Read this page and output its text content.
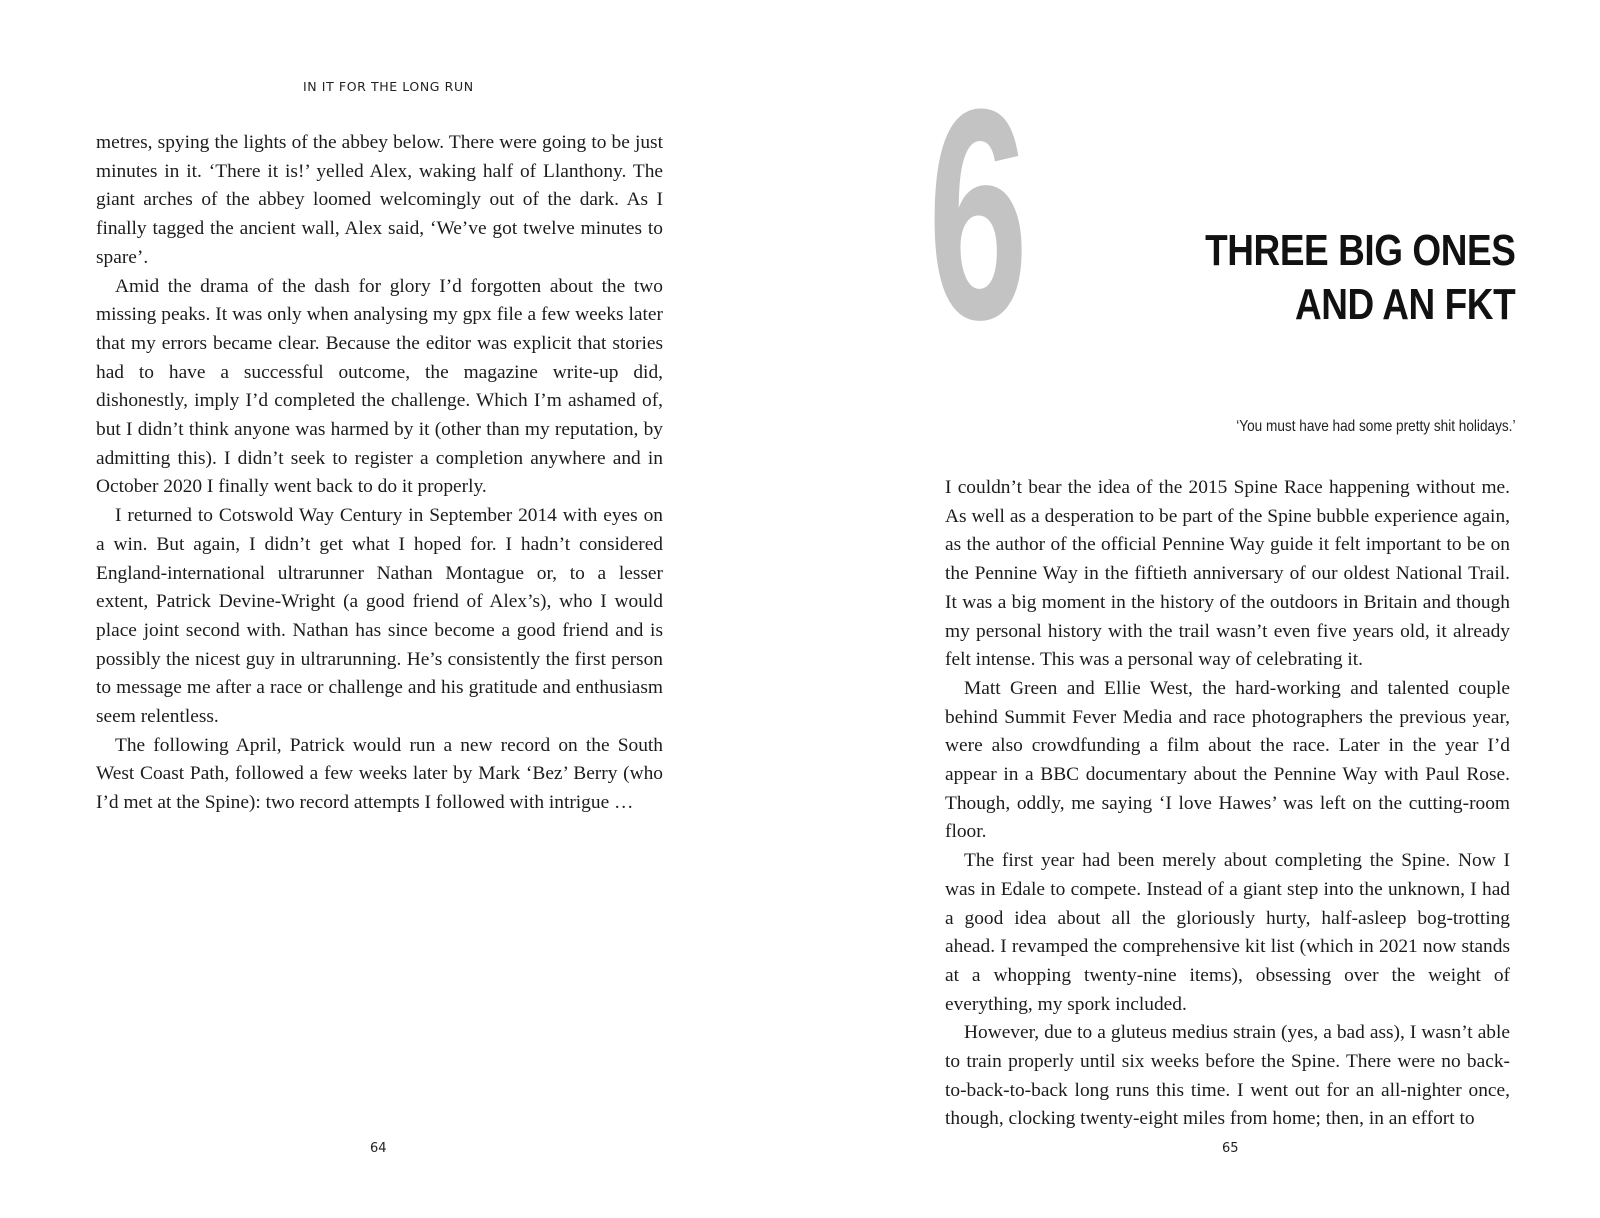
IN IT FOR THE LONG RUN

metres, spying the lights of the abbey below. There were going to be just minutes in it. ‘There it is!’ yelled Alex, waking half of Llanthony. The giant arches of the abbey loomed welcomingly out of the dark. As I finally tagged the ancient wall, Alex said, ‘We’ve got twelve minutes to spare’.

Amid the drama of the dash for glory I’d forgotten about the two missing peaks. It was only when analysing my gpx file a few weeks later that my errors became clear. Because the editor was explicit that stories had to have a successful outcome, the magazine write-up did, dishonestly, imply I’d completed the challenge. Which I’m ashamed of, but I didn’t think anyone was harmed by it (other than my reputation, by admitting this). I didn’t seek to register a completion anywhere and in October 2020 I finally went back to do it properly.

I returned to Cotswold Way Century in September 2014 with eyes on a win. But again, I didn’t get what I hoped for. I hadn’t considered England-international ultrarunner Nathan Montague or, to a lesser extent, Patrick Devine-Wright (a good friend of Alex’s), who I would place joint second with. Nathan has since become a good friend and is possibly the nicest guy in ultrarunning. He’s consistently the first person to message me after a race or challenge and his gratitude and enthusiasm seem relentless.

The following April, Patrick would run a new record on the South West Coast Path, followed a few weeks later by Mark ‘Bez’ Berry (who I’d met at the Spine): two record attempts I followed with intrigue …

64
6	THREE BIG ONES
AND AN FKT
‘You must have had some pretty shit holidays.’

I couldn’t bear the idea of the 2015 Spine Race happening without me. As well as a desperation to be part of the Spine bubble experience again, as the author of the official Pennine Way guide it felt important to be on the Pennine Way in the fiftieth anniversary of our oldest National Trail. It was a big moment in the history of the outdoors in Britain and though my personal history with the trail wasn’t even five years old, it already felt intense. This was a personal way of celebrating it.

Matt Green and Ellie West, the hard-working and talented couple behind Summit Fever Media and race photographers the previous year, were also crowdfunding a film about the race. Later in the year I’d appear in a BBC documentary about the Pennine Way with Paul Rose. Though, oddly, me saying ‘I love Hawes’ was left on the cutting-room floor.

The first year had been merely about completing the Spine. Now I was in Edale to compete. Instead of a giant step into the unknown, I had a good idea about all the gloriously hurty, half-asleep bog-trotting ahead. I revamped the comprehensive kit list (which in 2021 now stands at a whopping twenty-nine items), obsessing over the weight of everything, my spork included.

However, due to a gluteus medius strain (yes, a bad ass), I wasn’t able to train properly until six weeks before the Spine. There were no back-to-back-to-back long runs this time. I went out for an all-nighter once, though, clocking twenty-eight miles from home; then, in an effort to

65
